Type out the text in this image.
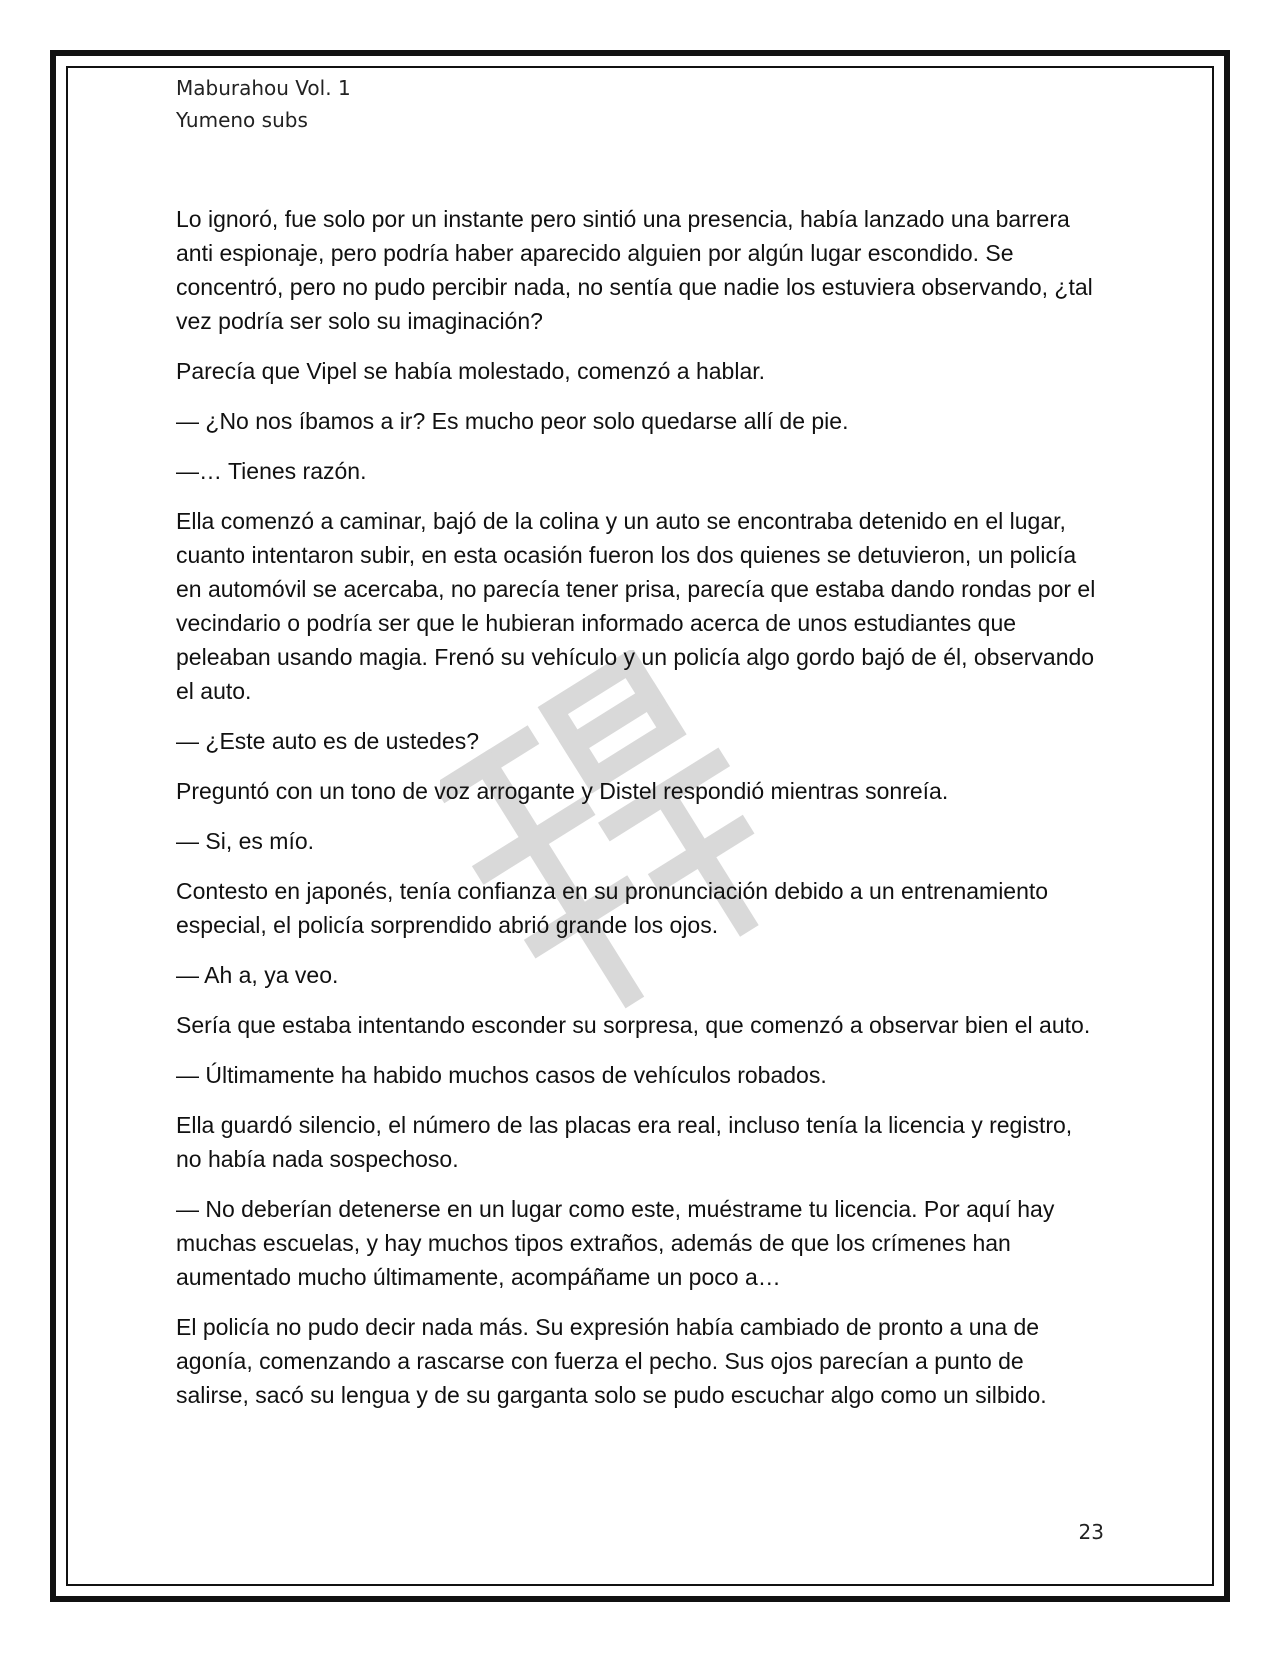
Maburahou Vol. 1
Yumeno subs

Lo ignoró, fue solo por un instante pero sintió una presencia, había lanzado una barrera anti espionaje, pero podría haber aparecido alguien por algún lugar escondido. Se concentró, pero no pudo percibir nada, no sentía que nadie los estuviera observando, ¿tal vez podría ser solo su imaginación?

Parecía que Vipel se había molestado, comenzó a hablar.

— ¿No nos íbamos a ir? Es mucho peor solo quedarse allí de pie.

—… Tienes razón.

Ella comenzó a caminar, bajó de la colina y un auto se encontraba detenido en el lugar, cuanto intentaron subir, en esta ocasión fueron los dos quienes se detuvieron, un policía en automóvil se acercaba, no parecía tener prisa, parecía que estaba dando rondas por el vecindario o podría ser que le hubieran informado acerca de unos estudiantes que peleaban usando magia. Frenó su vehículo y un policía algo gordo bajó de él, observando el auto.

— ¿Este auto es de ustedes?

Preguntó con un tono de voz arrogante y Distel respondió mientras sonreía.

— Si, es mío.

Contesto en japonés, tenía confianza en su pronunciación debido a un entrenamiento especial, el policía sorprendido abrió grande los ojos.

— Ah a, ya veo.

Sería que estaba intentando esconder su sorpresa, que comenzó a observar bien el auto.

— Últimamente ha habido muchos casos de vehículos robados.

Ella guardó silencio, el número de las placas era real, incluso tenía la licencia y registro, no había nada sospechoso.

— No deberían detenerse en un lugar como este, muéstrame tu licencia. Por aquí hay muchas escuelas, y hay muchos tipos extraños, además de que los crímenes han aumentado mucho últimamente, acompáñame un poco a…

El policía no pudo decir nada más. Su expresión había cambiado de pronto a una de agonía, comenzando a rascarse con fuerza el pecho. Sus ojos parecían a punto de salirse, sacó su lengua y de su garganta solo se pudo escuchar algo como un silbido.

23
